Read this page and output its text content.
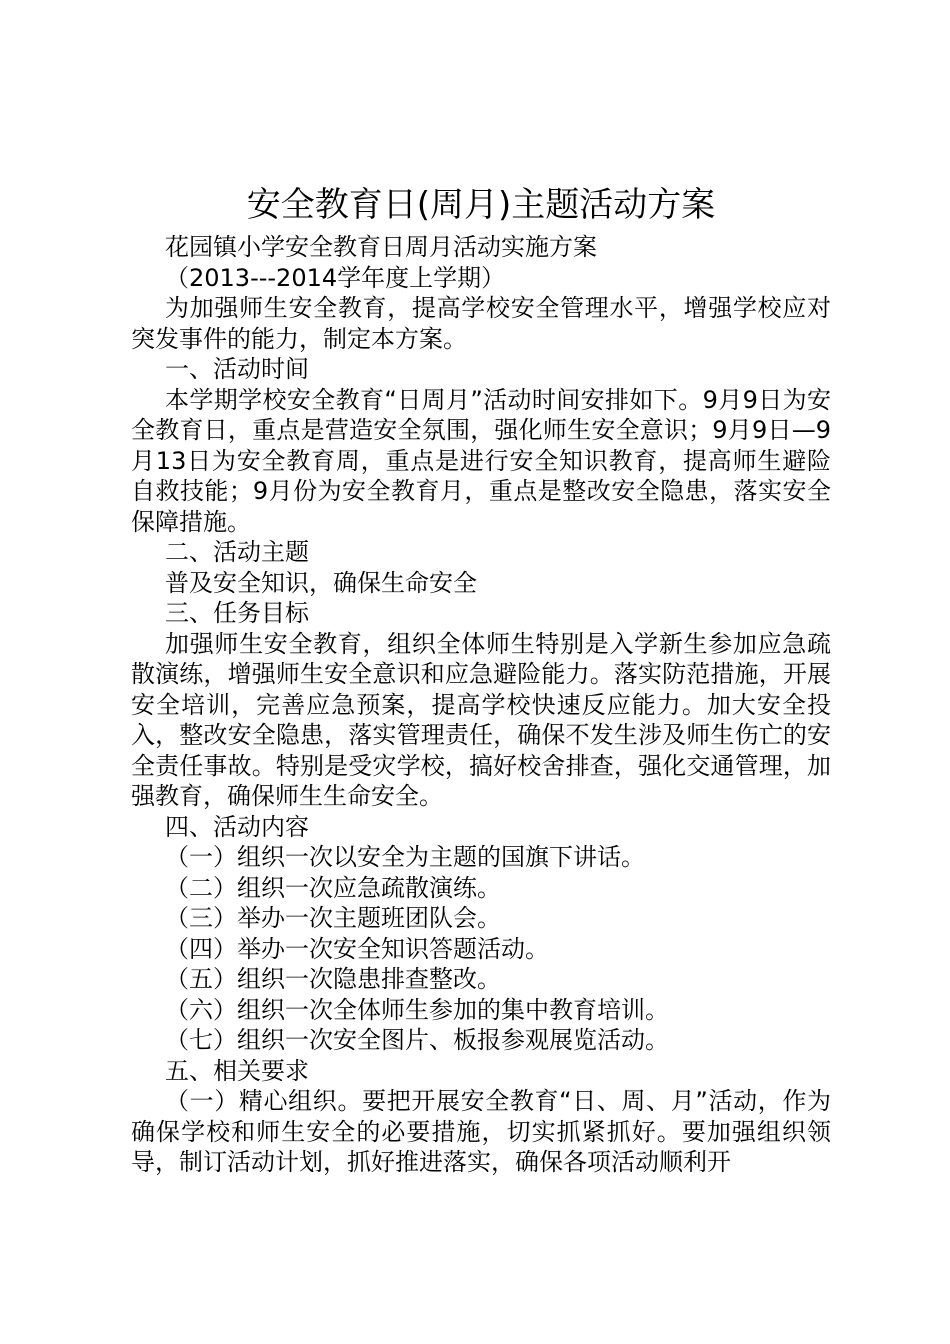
安全教育日(周月)主题活动方案

花园镇小学安全教育日周月活动实施方案

（2013---2014学年度上学期）

为加强师生安全教育，提高学校安全管理水平，增强学校应对突发事件的能力，制定本方案。

一、活动时间

本学期学校安全教育“日周月”活动时间安排如下。9月9日为安全教育日，重点是营造安全氛围，强化师生安全意识；9月9日—9月13日为安全教育周，重点是进行安全知识教育，提高师生避险自救技能；9月份为安全教育月，重点是整改安全隐患，落实安全保障措施。

二、活动主题

普及安全知识，确保生命安全

三、任务目标

加强师生安全教育，组织全体师生特别是入学新生参加应急疏散演练，增强师生安全意识和应急避险能力。落实防范措施，开展安全培训，完善应急预案，提高学校快速反应能力。加大安全投入，整改安全隐患，落实管理责任，确保不发生涉及师生伤亡的安全责任事故。特别是受灾学校，搞好校舍排查，强化交通管理，加强教育，确保师生生命安全。

四、活动内容

（一）组织一次以安全为主题的国旗下讲话。

（二）组织一次应急疏散演练。

（三）举办一次主题班团队会。

（四）举办一次安全知识答题活动。

（五）组织一次隐患排查整改。

（六）组织一次全体师生参加的集中教育培训。

（七）组织一次安全图片、板报参观展览活动。

五、相关要求

（一）精心组织。要把开展安全教育“日、周、月”活动，作为确保学校和师生安全的必要措施，切实抓紧抓好。要加强组织领导，制订活动计划，抓好推进落实，确保各项活动顺利开
